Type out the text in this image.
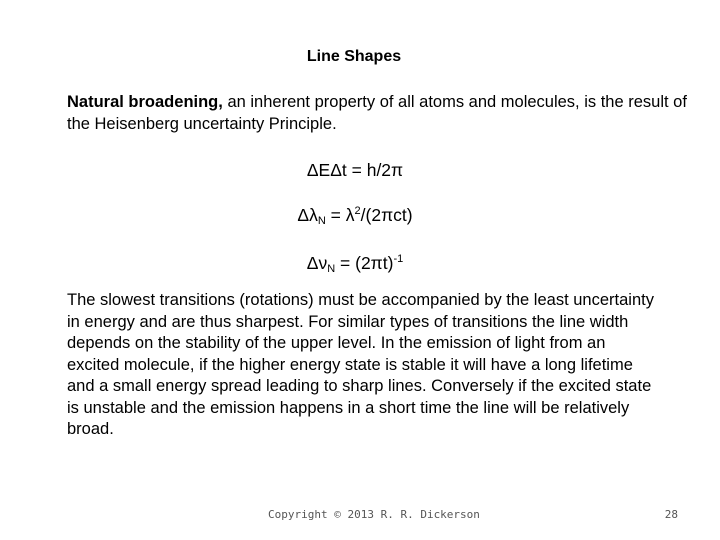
Line Shapes

Natural broadening, an inherent property of all atoms and molecules, is the result of the Heisenberg uncertainty Principle.

ΔEΔt = h/2π
$\Delta\lambda_N = \lambda^2/(2\pi ct)$
$\Delta\nu_N = (2\pi t)^{-1}$

The slowest transitions (rotations) must be accompanied by the least uncertainty in energy and are thus sharpest. For similar types of transitions the line width depends on the stability of the upper level. In the emission of light from an excited molecule, if the higher energy state is stable it will have a long lifetime and a small energy spread leading to sharp lines. Conversely if the excited state is unstable and the emission happens in a short time the line will be relatively broad.

Copyright © 2013 R. R. Dickerson	28
